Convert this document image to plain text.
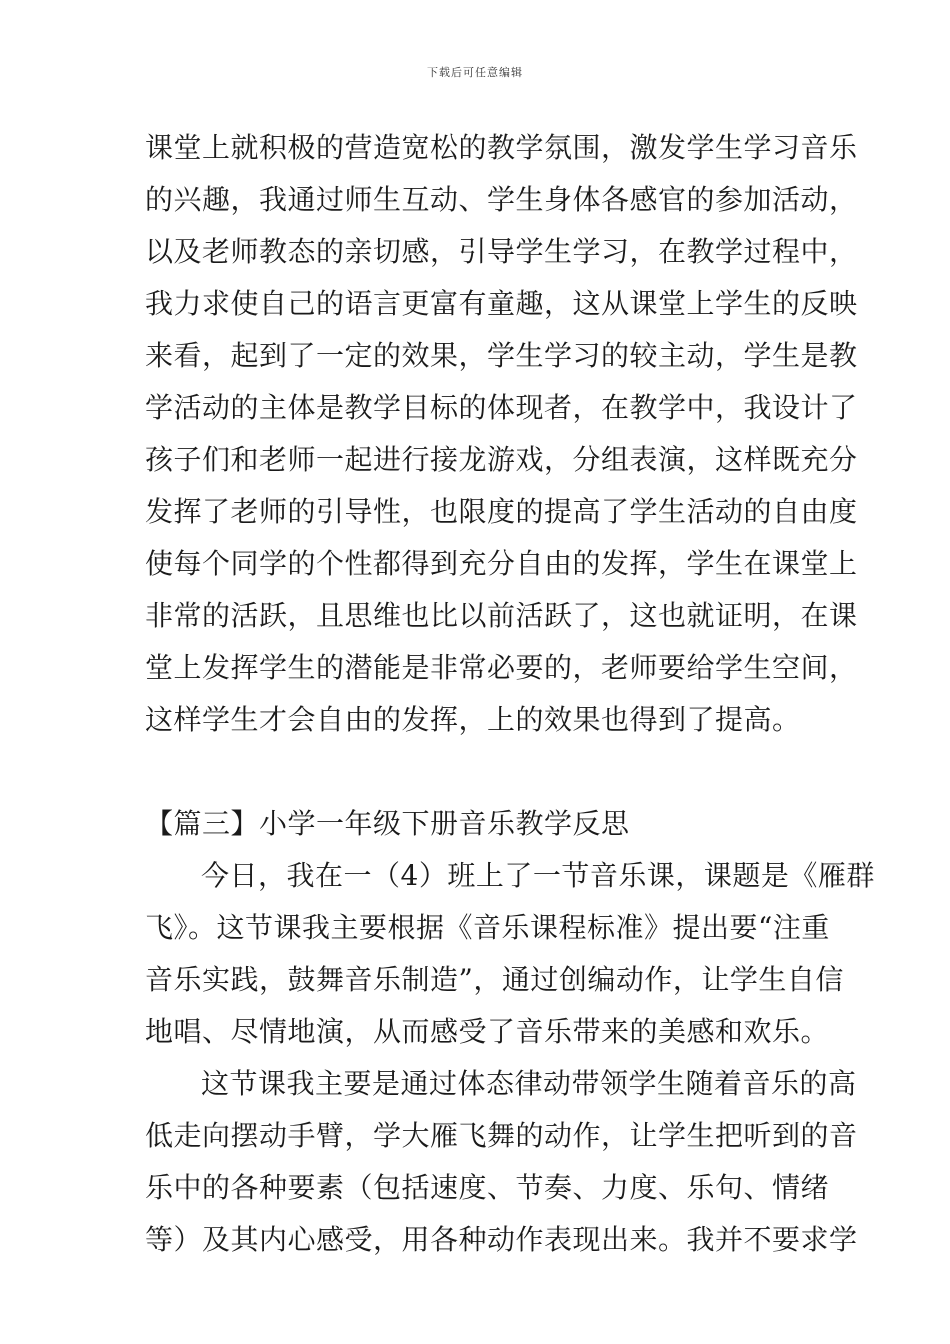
下载后可任意编辑
课堂上就积极的营造宽松的教学氛围，激发学生学习音乐
的兴趣，我通过师生互动、学生身体各感官的参加活动，
以及老师教态的亲切感，引导学生学习，在教学过程中，
我力求使自己的语言更富有童趣，这从课堂上学生的反映
来看，起到了一定的效果，学生学习的较主动，学生是教
学活动的主体是教学目标的体现者，在教学中，我设计了
孩子们和老师一起进行接龙游戏，分组表演，这样既充分
发挥了老师的引导性，也限度的提高了学生活动的自由度
使每个同学的个性都得到充分自由的发挥，学生在课堂上
非常的活跃，且思维也比以前活跃了，这也就证明，在课
堂上发挥学生的潜能是非常必要的，老师要给学生空间，
这样学生才会自由的发挥，上的效果也得到了提高。
【篇三】小学一年级下册音乐教学反思
今日，我在一（4）班上了一节音乐课，课题是《雁群
飞》。这节课我主要根据《音乐课程标准》提出要“注重
音乐实践，鼓舞音乐制造”，通过创编动作，让学生自信
地唱、尽情地演，从而感受了音乐带来的美感和欢乐。
这节课我主要是通过体态律动带领学生随着音乐的高
低走向摆动手臂，学大雁飞舞的动作，让学生把听到的音
乐中的各种要素（包括速度、节奏、力度、乐句、情绪
等）及其内心感受，用各种动作表现出来。我并不要求学
